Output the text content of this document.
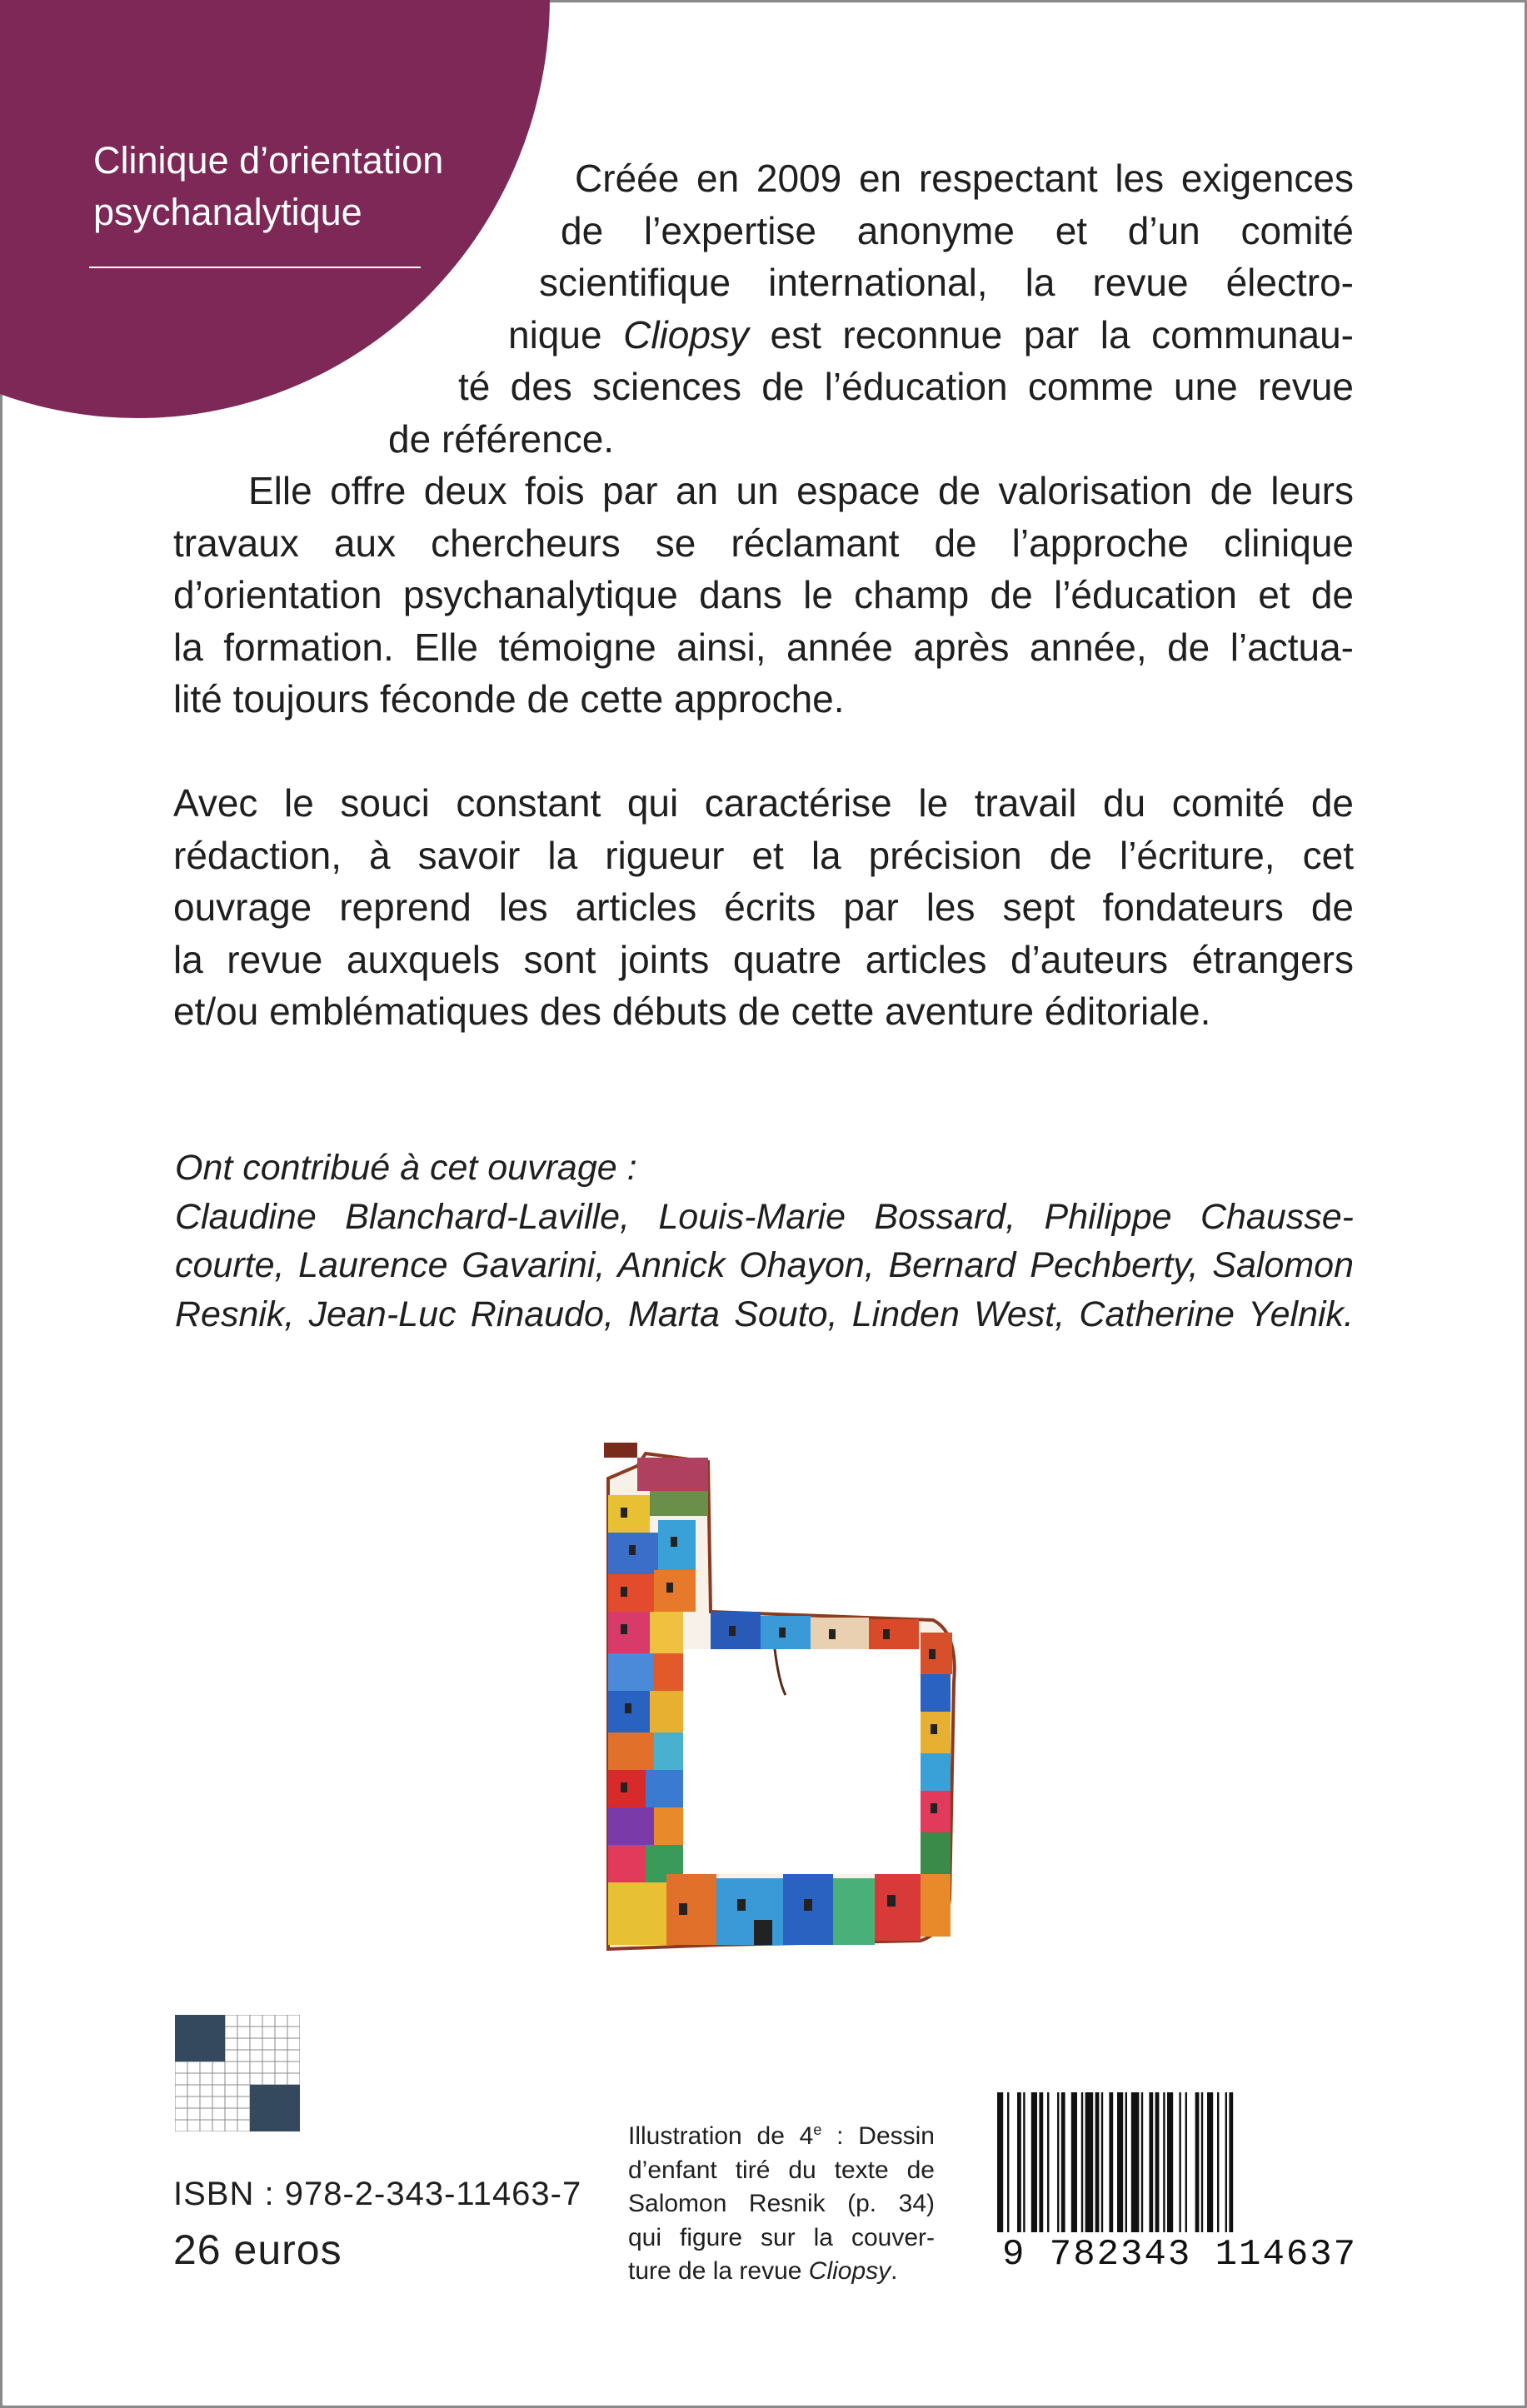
Clinique d’orientation
psychanalytique
Créée en 2009 en respectant les exigences
de l’expertise anonyme et d’un comité
scientifique international, la revue électro-
nique Cliopsy est reconnue par la communau-
té des sciences de l’éducation comme une revue
de référence.
Elle offre deux fois par an un espace de valorisation de leurs
travaux aux chercheurs se réclamant de l’approche clinique
d’orientation psychanalytique dans le champ de l’éducation et de
la formation. Elle témoigne ainsi, année après année, de l’actua-
lité toujours féconde de cette approche.
Avec le souci constant qui caractérise le travail du comité de
rédaction, à savoir la rigueur et la précision de l’écriture, cet
ouvrage reprend les articles écrits par les sept fondateurs de
la revue auxquels sont joints quatre articles d’auteurs étrangers
et/ou emblématiques des débuts de cette aventure éditoriale.
Ont contribué à cet ouvrage :
Claudine Blanchard-Laville, Louis-Marie Bossard, Philippe Chausse-
courte, Laurence Gavarini, Annick Ohayon, Bernard Pechberty, Salomon
Resnik, Jean-Luc Rinaudo, Marta Souto, Linden West, Catherine Yelnik.
ISBN : 978-2-343-11463-7
26 euros
Illustration de 4e : Dessin
d’enfant tiré du texte de
Salomon Resnik (p. 34)
qui figure sur la couver-
ture de la revue Cliopsy.	9 782343 114637
